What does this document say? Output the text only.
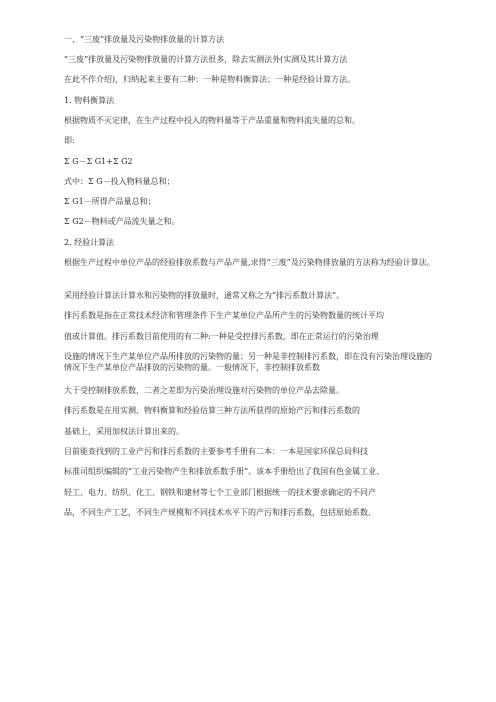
一、“三废”排放量及污染物排放量的计算方法
“三废”排放量及污染物排放量的计算方法很多，除去实测法外(实测及其计算方法
在此不作介绍)，归纳起来主要有二种：一种是物料衡算法；一种是经验计算方法。
1. 物料衡算法
根据物质不灭定律，在生产过程中投入的物料量等于产品重量和物料流失量的总和。
即:
Σ G－Σ G1+Σ G2
式中：Σ G－投入物料量总和；
Σ G1－所得产品量总和；
Σ G2－物料或产品流失量之和。
2. 经验计算法
根据生产过程中单位产品的经验排放系数与产品产量,求得“三废”及污染物排放量的方法称为经验计算法。
采用经验计算法计算水和污染物的排放量时，通常又称之为“排污系数计算法”。
排污系数是指在正常技术经济和管理条件下生产某单位产品所产生的污染物数量的统计平均
值或计算值。排污系数目前使用的有二种:一种是受控排污系数，即在正常运行的污染治理
设施的情况下生产某单位产品所排放的污染物的量；另一种是非控制排污系数，即在没有污染治理设施的情况下生产某单位产品排放的污染物的量。一般情况下，非控制排放系数
大于受控制排放系数，二者之差即为污染治理设施对污染物的单位产品去除量。
排污系数是在用实测、物料衡算和经验估算三种方法所获得的原始产污和排污系数的
基础上，采用加权法计算出来的。
目前能查找到的工业产污和排污系数的主要参考手册有二本：一本是国家环保总局科技
标准司组织编辑的“工业污染物产生和排放系数手册”。该本手册给出了我国有色金属工业、
轻工、电力、纺织、化工、钢铁和建材等七个工业部门根据统一的技术要求确定的不同产
品，不同生产工艺，不同生产规模和不同技术水平下的产污和排污系数，包括原始系数、
